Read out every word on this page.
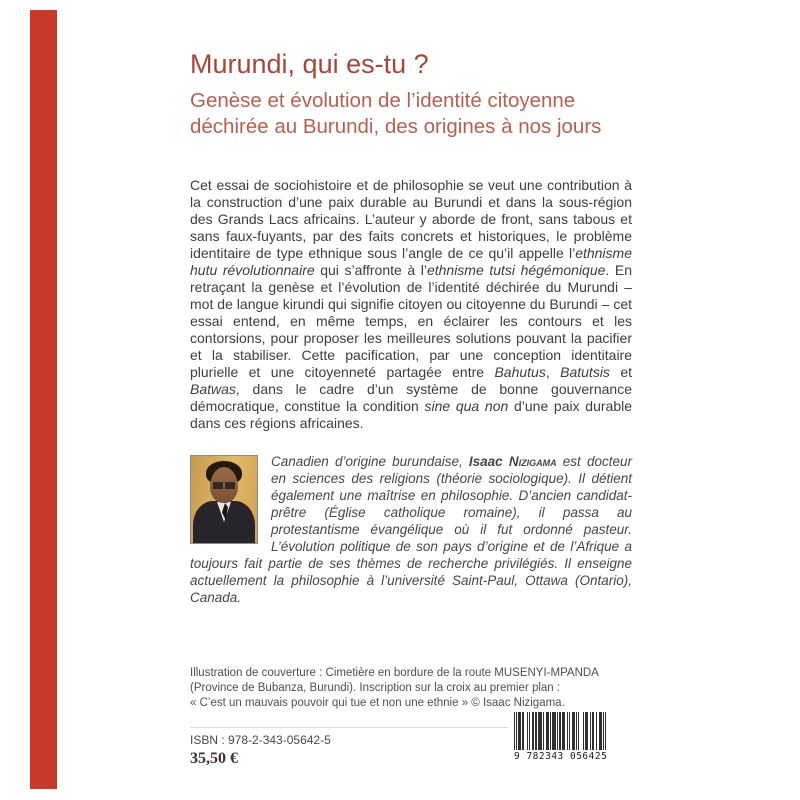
Murundi, qui es-tu ?
Genèse et évolution de l’identité citoyenne
déchirée au Burundi, des origines à nos jours
Cet essai de sociohistoire et de philosophie se veut une contribution à la construction d’une paix durable au Burundi et dans la sous-région des Grands Lacs africains. L’auteur y aborde de front, sans tabous et sans faux-fuyants, par des faits concrets et historiques, le problème identitaire de type ethnique sous l’angle de ce qu’il appelle l’ethnisme hutu révolutionnaire qui s’affronte à l’ethnisme tutsi hégémonique. En retraçant la genèse et l’évolution de l’identité déchirée du Murundi – mot de langue kirundi qui signifie citoyen ou citoyenne du Burundi – cet essai entend, en même temps, en éclairer les contours et les contorsions, pour proposer les meilleures solutions pouvant la pacifier et la stabiliser. Cette pacification, par une conception identitaire plurielle et une citoyenneté partagée entre Bahutus, Batutsis et Batwas, dans le cadre d’un système de bonne gouvernance démocratique, constitue la condition sine qua non d’une paix durable dans ces régions africaines.
Canadien d’origine burundaise, Isaac Nizigama est docteur en sciences des religions (théorie sociologique). Il détient également une maîtrise en philosophie. D’ancien candidat-prêtre (Église catholique romaine), il passa au protestantisme évangélique où il fut ordonné pasteur. L’évolution politique de son pays d’origine et de l’Afrique a toujours fait partie de ses thèmes de recherche privilégiés. Il enseigne actuellement la philosophie à l’université Saint-Paul, Ottawa (Ontario), Canada.
Illustration de couverture : Cimetière en bordure de la route MUSENYI-MPANDA
(Province de Bubanza, Burundi). Inscription sur la croix au premier plan :
« C’est un mauvais pouvoir qui tue et non une ethnie » © Isaac Nizigama.
ISBN : 978-2-343-05642-5
35,50 €	9 782343 056425
